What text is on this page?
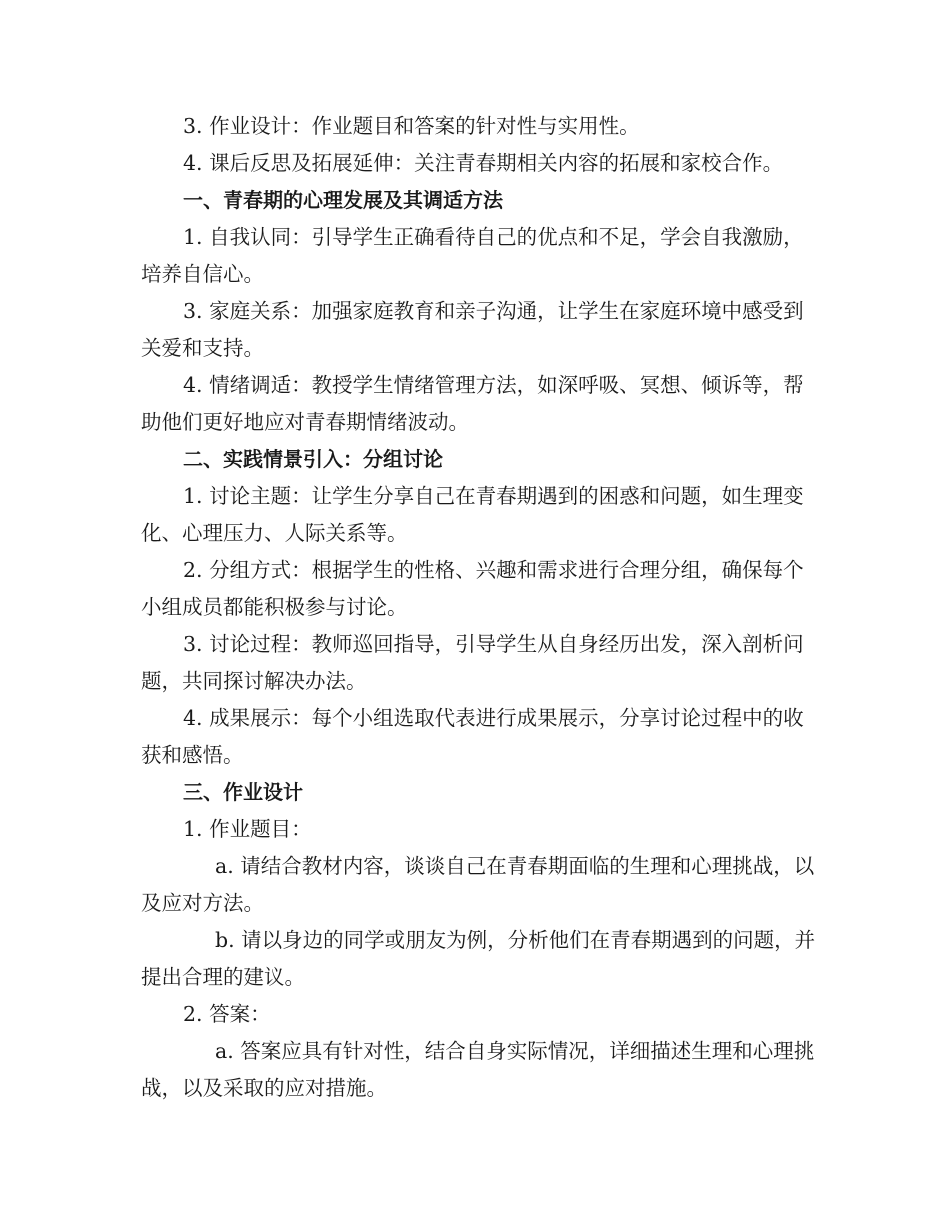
3. 作业设计：作业题目和答案的针对性与实用性。

4. 课后反思及拓展延伸：关注青春期相关内容的拓展和家校合作。

一、青春期的心理发展及其调适方法

1. 自我认同：引导学生正确看待自己的优点和不足，学会自我激励，培养自信心。

3. 家庭关系：加强家庭教育和亲子沟通，让学生在家庭环境中感受到关爱和支持。

4. 情绪调适：教授学生情绪管理方法，如深呼吸、冥想、倾诉等，帮助他们更好地应对青春期情绪波动。

二、实践情景引入：分组讨论

1. 讨论主题：让学生分享自己在青春期遇到的困惑和问题，如生理变化、心理压力、人际关系等。

2. 分组方式：根据学生的性格、兴趣和需求进行合理分组，确保每个小组成员都能积极参与讨论。

3. 讨论过程：教师巡回指导，引导学生从自身经历出发，深入剖析问题，共同探讨解决办法。

4. 成果展示：每个小组选取代表进行成果展示，分享讨论过程中的收获和感悟。

三、作业设计

1. 作业题目：

a. 请结合教材内容，谈谈自己在青春期面临的生理和心理挑战，以及应对方法。

b. 请以身边的同学或朋友为例，分析他们在青春期遇到的问题，并提出合理的建议。

2. 答案：

a. 答案应具有针对性，结合自身实际情况，详细描述生理和心理挑战，以及采取的应对措施。
